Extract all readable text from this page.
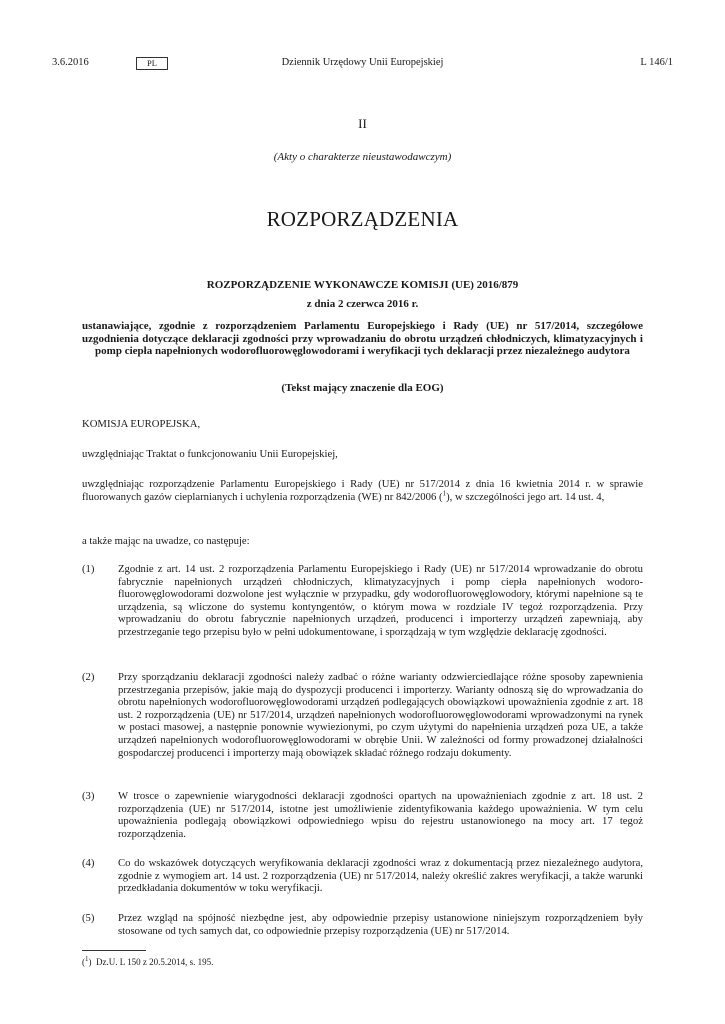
3.6.2016	PL	Dziennik Urzędowy Unii Europejskiej	L 146/1
II
(Akty o charakterze nieustawodawczym)
ROZPORZĄDZENIA
ROZPORZĄDZENIE WYKONAWCZE KOMISJI (UE) 2016/879
z dnia 2 czerwca 2016 r.
ustanawiające, zgodnie z rozporządzeniem Parlamentu Europejskiego i Rady (UE) nr 517/2014, szczegółowe uzgodnienia dotyczące deklaracji zgodności przy wprowadzaniu do obrotu urządzeń chłodniczych, klimatyzacyjnych i pomp ciepła napełnionych wodorofluorowęglowodorami i weryfikacji tych deklaracji przez niezależnego audytora
(Tekst mający znaczenie dla EOG)

KOMISJA EUROPEJSKA,

uwzględniając Traktat o funkcjonowaniu Unii Europejskiej,

uwzględniając rozporządzenie Parlamentu Europejskiego i Rady (UE) nr 517/2014 z dnia 16 kwietnia 2014 r. w sprawie fluorowanych gazów cieplarnianych i uchylenia rozporządzenia (WE) nr 842/2006 ($^1$), w szczególności jego art. 14 ust. 4,

a także mając na uwadze, co następuje:

(1) Zgodnie z art. 14 ust. 2 rozporządzenia Parlamentu Europejskiego i Rady (UE) nr 517/2014 wprowadzanie do obrotu fabrycznie napełnionych urządzeń chłodniczych, klimatyzacyjnych i pomp ciepła napełnionych wodorofluorowęglowodorami dozwolone jest wyłącznie w przypadku, gdy wodorofluorowęglowodory, którymi napełnione są te urządzenia, są wliczone do systemu kontyngentów, o którym mowa w rozdziale IV tegoż rozporządzenia. Przy wprowadzaniu do obrotu fabrycznie napełnionych urządzeń, producenci i importerzy urządzeń zapewniają, aby przestrzeganie tego przepisu było w pełni udokumentowane, i sporządzają w tym względzie deklarację zgodności.

(2) Przy sporządzaniu deklaracji zgodności należy zadbać o różne warianty odzwierciedlające różne sposoby zapewnienia przestrzegania przepisów, jakie mają do dyspozycji producenci i importerzy. Warianty odnoszą się do wprowadzania do obrotu napełnionych wodorofluorowęglowodorami urządzeń podlegających obowiązkowi upoważnienia zgodnie z art. 18 ust. 2 rozporządzenia (UE) nr 517/2014, urządzeń napełnionych wodorofluorowęglowodorami wprowadzonymi na rynek w postaci masowej, a następnie ponownie wywiezionymi, po czym użytymi do napełnienia urządzeń poza UE, a także urządzeń napełnionych wodorofluorowęglowodorami w obrębie Unii. W zależności od formy prowadzonej działalności gospodarczej producenci i importerzy mają obowiązek składać różnego rodzaju dokumenty.

(3) W trosce o zapewnienie wiarygodności deklaracji zgodności opartych na upoważnieniach zgodnie z art. 18 ust. 2 rozporządzenia (UE) nr 517/2014, istotne jest umożliwienie zidentyfikowania każdego upoważnienia. W tym celu upoważnienia podlegają obowiązkowi odpowiedniego wpisu do rejestru ustanowionego na mocy art. 17 tegoż rozporządzenia.

(4) Co do wskazówek dotyczących weryfikowania deklaracji zgodności wraz z dokumentacją przez niezależnego audytora, zgodnie z wymogiem art. 14 ust. 2 rozporządzenia (UE) nr 517/2014, należy określić zakres weryfikacji, a także warunki przedkładania dokumentów w toku weryfikacji.

(5) Przez wzgląd na spójność niezbędne jest, aby odpowiednie przepisy ustanowione niniejszym rozporządzeniem były stosowane od tych samych dat, co odpowiednie przepisy rozporządzenia (UE) nr 517/2014.

($^1$)  Dz.U. L 150 z 20.5.2014, s. 195.
